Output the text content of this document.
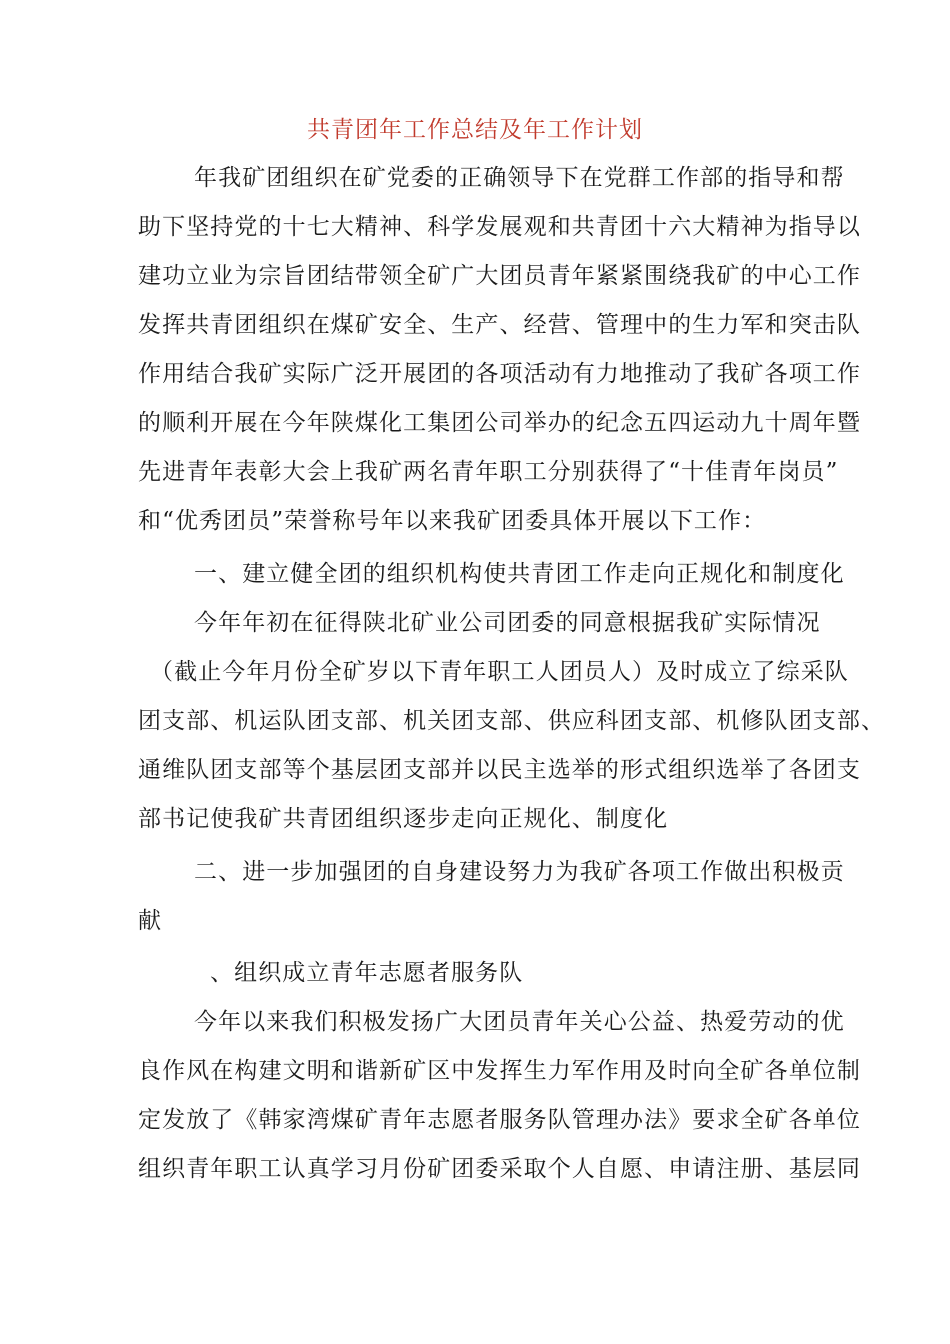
共青团年工作总结及年工作计划
年我矿团组织在矿党委的正确领导下在党群工作部的指导和帮
助下坚持党的十七大精神、科学发展观和共青团十六大精神为指导以
建功立业为宗旨团结带领全矿广大团员青年紧紧围绕我矿的中心工作
发挥共青团组织在煤矿安全、生产、经营、管理中的生力军和突击队
作用结合我矿实际广泛开展团的各项活动有力地推动了我矿各项工作
的顺利开展在今年陕煤化工集团公司举办的纪念五四运动九十周年暨
先进青年表彰大会上我矿两名青年职工分别获得了“十佳青年岗员”
和“优秀团员”荣誉称号年以来我矿团委具体开展以下工作：
一、建立健全团的组织机构使共青团工作走向正规化和制度化
今年年初在征得陕北矿业公司团委的同意根据我矿实际情况
（截止今年月份全矿岁以下青年职工人团员人）及时成立了综采队
团支部、机运队团支部、机关团支部、供应科团支部、机修队团支部、
通维队团支部等个基层团支部并以民主选举的形式组织选举了各团支
部书记使我矿共青团组织逐步走向正规化、制度化
二、进一步加强团的自身建设努力为我矿各项工作做出积极贡
献
、组织成立青年志愿者服务队
今年以来我们积极发扬广大团员青年关心公益、热爱劳动的优
良作风在构建文明和谐新矿区中发挥生力军作用及时向全矿各单位制
定发放了《韩家湾煤矿青年志愿者服务队管理办法》要求全矿各单位
组织青年职工认真学习月份矿团委采取个人自愿、申请注册、基层同
